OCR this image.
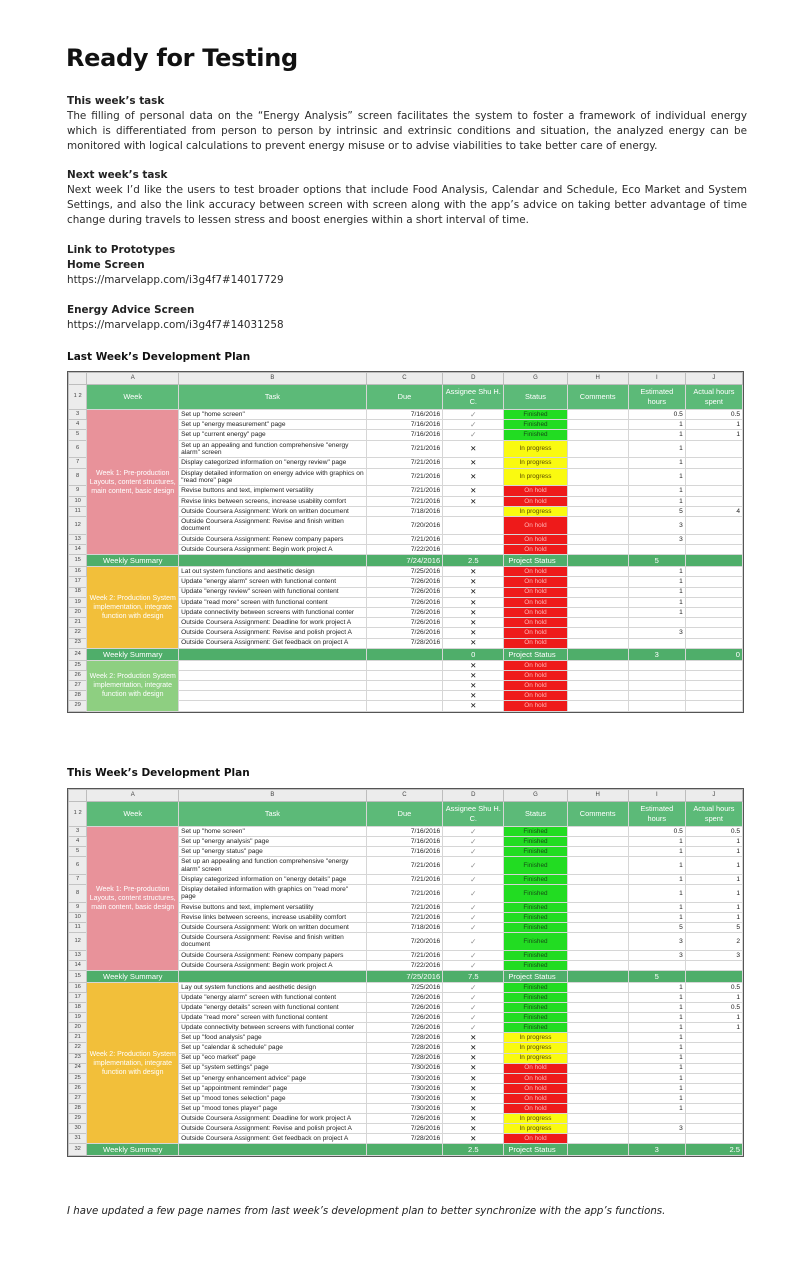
Ready for Testing
This week’s task

The filling of personal data on the “Energy Analysis” screen facilitates the system to foster a framework of individual energy which is differentiated from person to person by intrinsic and extrinsic conditions and situation, the analyzed energy can be monitored with logical calculations to prevent energy misuse or to advise viabilities to take better care of energy.

Next week’s task

Next week I’d like the users to test broader options that include Food Analysis, Calendar and Schedule, Eco Market and System Settings, and also the link accuracy between screen with screen along with the app’s advice on taking better advantage of time change during travels to lessen stress and boost energies within a short interval of time.

Link to Prototypes
Home Screen
https://marvelapp.com/i3g4f7#14017729
Energy Advice Screen
https://marvelapp.com/i3g4f7#14031258
Last Week’s Development Plan
	A	B	C	D	G	H	I	J
1 2	Week	Task	Due	Assignee Shu H. C.	Status	Comments	Estimated hours	Actual hours spent
3	Week 1: Pre-production Layouts, content structures, main content, basic design	Set up "home screen"	7/16/2016	✓	Finished		0.5	0.5
4		Set up "energy measurement" page	7/16/2016	✓	Finished		1	1
5		Set up "current energy" page	7/16/2016	✓	Finished		1	1
6		Set up an appealing and function comprehensive "energy alarm" screen	7/21/2016	✕	In progress		1	
7		Display categorized information on "energy review" page	7/21/2016	✕	In progress		1	
8		Display detailed information on energy advice with graphics on "read more" page	7/21/2016	✕	In progress		1	
9		Revise buttons and text, implement versatility	7/21/2016	✕	On hold		1	
10		Revise links between screens, increase usability comfort	7/21/2016	✕	On hold		1	
11		Outside Coursera Assignment: Work on written document	7/18/2016		In progress		5	4
12		Outside Coursera Assignment: Revise and finish written document	7/20/2016		On hold		3	
13		Outside Coursera Assignment: Renew company papers	7/21/2016		On hold		3	
14		Outside Coursera Assignment: Begin work project A	7/22/2016		On hold			
15	Weekly Summary		7/24/2016	2.5	Project Status		5	
16	Week 2: Production System implementation, integrate function with design	Lat out system functions and aesthetic design	7/25/2016	✕	On hold		1	
17		Update "energy alarm" screen with functional content	7/26/2016	✕	On hold		1	
18		Update "energy review" screen with functional content	7/26/2016	✕	On hold		1	
19		Update "read more" screen with functional content	7/26/2016	✕	On hold		1	
20		Update connectivity between screens with functional conter	7/26/2016	✕	On hold		1	
21		Outside Coursera Assignment: Deadline for work project A	7/26/2016	✕	On hold			
22		Outside Coursera Assignment: Revise and polish project A	7/26/2016	✕	On hold		3	
23		Outside Coursera Assignment: Get feedback on project A	7/28/2016	✕	On hold			
24	Weekly Summary			0	Project Status		3	0
25	Week 2: Production System implementation, integrate function with design			✕	On hold			
26				✕	On hold			
27				✕	On hold			
28				✕	On hold			
29				✕	On hold			
This Week’s Development Plan
	A	B	C	D	G	H	I	J
1 2	Week	Task	Due	Assignee Shu H. C.	Status	Comments	Estimated hours	Actual hours spent
3	Week 1: Pre-production Layouts, content structures, main content, basic design	Set up "home screen"	7/16/2016	✓	Finished		0.5	0.5
4		Set up "energy analysis" page	7/16/2016	✓	Finished		1	1
5		Set up "energy status" page	7/16/2016	✓	Finished		1	1
6		Set up an appealing and function comprehensive "energy alarm" screen	7/21/2016	✓	Finished		1	1
7		Display categorized information on "energy details" page	7/21/2016	✓	Finished		1	1
8		Display detailed information with graphics on "read more" page	7/21/2016	✓	Finished		1	1
9		Revise buttons and text, implement versatility	7/21/2016	✓	Finished		1	1
10		Revise links between screens, increase usability comfort	7/21/2016	✓	Finished		1	1
11		Outside Coursera Assignment: Work on written document	7/18/2016	✓	Finished		5	5
12		Outside Coursera Assignment: Revise and finish written document	7/20/2016	✓	Finished		3	2
13		Outside Coursera Assignment: Renew company papers	7/21/2016	✓	Finished		3	3
14		Outside Coursera Assignment: Begin work project A	7/22/2016	✓	Finished			
15	Weekly Summary		7/25/2016	7.5	Project Status		5	
16	Week 2: Production System implementation, integrate function with design	Lay out system functions and aesthetic design	7/25/2016	✓	Finished		1	0.5
17		Update "energy alarm" screen with functional content	7/26/2016	✓	Finished		1	1
18		Update "energy details" screen with functional content	7/26/2016	✓	Finished		1	0.5
19		Update "read more" screen with functional content	7/26/2016	✓	Finished		1	1
20		Update connectivity between screens with functional conter	7/26/2016	✓	Finished		1	1
21		Set up "food analysis" page	7/28/2016	✕	In progress		1	
22		Set up "calendar & schedule" page	7/28/2016	✕	In progress		1	
23		Set up "eco market" page	7/28/2016	✕	In progress		1	
24		Set up "system settings" page	7/30/2016	✕	On hold		1	
25		Set up "energy enhancement advice" page	7/30/2016	✕	On hold		1	
26		Set up "appointment reminder" page	7/30/2016	✕	On hold		1	
27		Set up "mood tones selection" page	7/30/2016	✕	On hold		1	
28		Set up "mood tones player" page	7/30/2016	✕	On hold		1	
29		Outside Coursera Assignment: Deadline for work project A	7/26/2016	✕	In progress			
30		Outside Coursera Assignment: Revise and polish project A	7/26/2016	✕	In progress		3	
31		Outside Coursera Assignment: Get feedback on project A	7/28/2016	✕	On hold			
32	Weekly Summary			2.5	Project Status		3	2.5
I have updated a few page names from last week’s development plan to better synchronize with the app’s functions.
